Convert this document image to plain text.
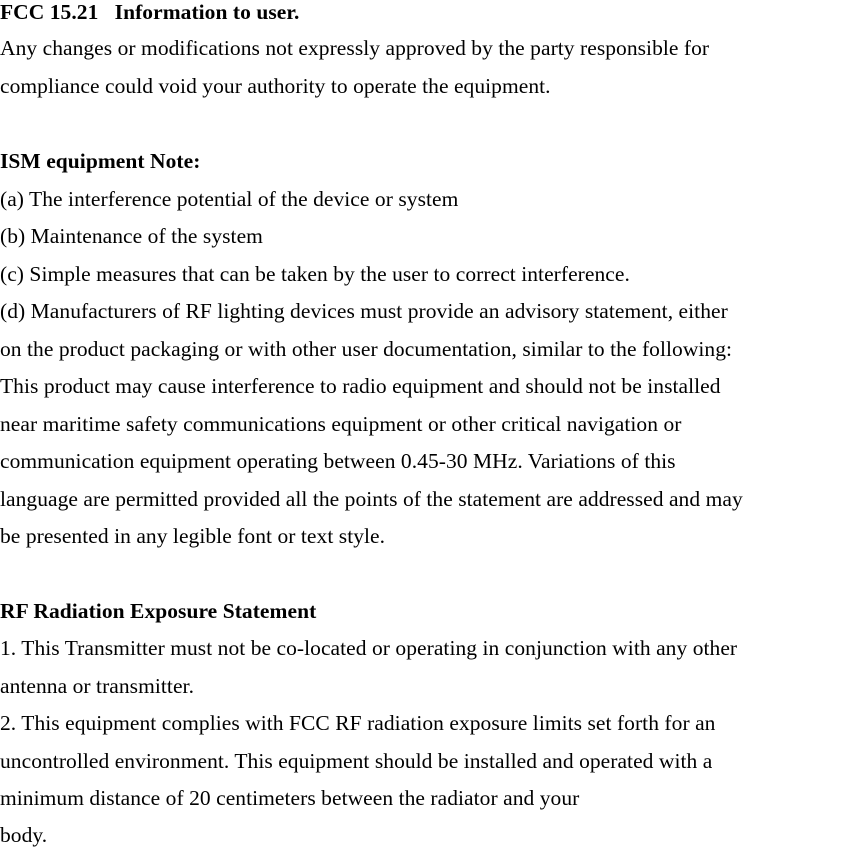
FCC 15.21   Information to user.
Any changes or modifications not expressly approved by the party responsible for
compliance could void your authority to operate the equipment.
ISM equipment Note:
(a) The interference potential of the device or system
(b) Maintenance of the system
(c) Simple measures that can be taken by the user to correct interference.
(d) Manufacturers of RF lighting devices must provide an advisory statement, either
on the product packaging or with other user documentation, similar to the following:
This product may cause interference to radio equipment and should not be installed
near maritime safety communications equipment or other critical navigation or
communication equipment operating between 0.45-30 MHz. Variations of this
language are permitted provided all the points of the statement are addressed and may
be presented in any legible font or text style.
RF Radiation Exposure Statement
1. This Transmitter must not be co-located or operating in conjunction with any other
antenna or transmitter.
2. This equipment complies with FCC RF radiation exposure limits set forth for an
uncontrolled environment. This equipment should be installed and operated with a
minimum distance of 20 centimeters between the radiator and your
body.
